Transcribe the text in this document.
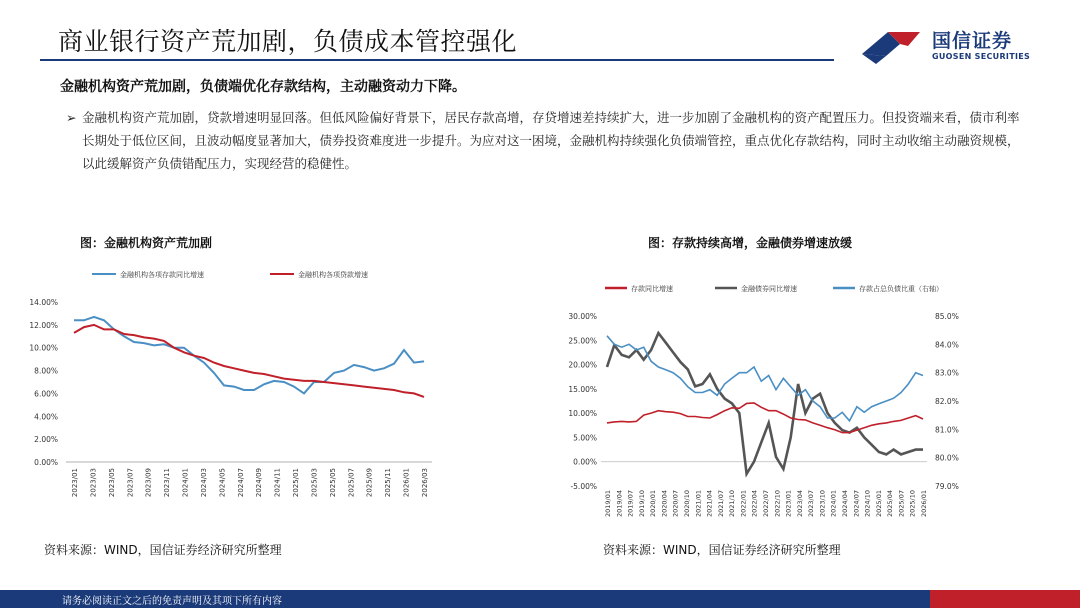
商业银行资产荒加剧，负债成本管控强化	国信证券
GUOSEN SECURITIES
金融机构资产荒加剧，负债端优化存款结构，主动融资动力下降。
➢ 金融机构资产荒加剧，贷款增速明显回落。但低风险偏好背景下，居民存款高增，存贷增速差持续扩大，进一步加剧了金融机构的资产配置压力。但投资端来看，债市利率长期处于低位区间，且波动幅度显著加大，债券投资难度进一步提升。为应对这一困境，金融机构持续强化负债端管控，重点优化存款结构，同时主动收缩主动融资规模，以此缓解资产负债错配压力，实现经营的稳健性。
图：金融机构资产荒加剧
金融机构各项存款同比增速	金融机构各项贷款增速
14.00%
12.00%
10.00%
8.00%
6.00%
4.00%
2.00%
0.00%
2023/01 2023/03 2023/05 2023/07 2023/09 2023/11 2024/01 2024/03 2024/05 2024/07 2024/09 2024/11 2025/01 2025/03 2025/05 2025/07 2025/09 2025/11 2026/01 2026/03
资料来源：WIND，国信证券经济研究所整理
图：存款持续高增，金融债券增速放缓
存款同比增速	金融债券同比增速	存款占总负债比重（右轴）
30.00%
25.00%
20.00%
15.00%
10.00%
5.00%
0.00%
-5.00%
85.0%
84.0%
83.0%
82.0%
81.0%
80.0%
79.0%
2019/01 2019/04 2019/07 2019/10 2020/01 2020/04 2020/07 2020/10 2021/01 2021/04 2021/07 2021/10 2022/01 2022/04 2022/07 2022/10 2023/01 2023/04 2023/07 2023/10 2024/01 2024/04 2024/07 2024/10 2025/01 2025/04 2025/07 2025/10 2026/01
资料来源：WIND，国信证券经济研究所整理
请务必阅读正文之后的免责声明及其项下所有内容
